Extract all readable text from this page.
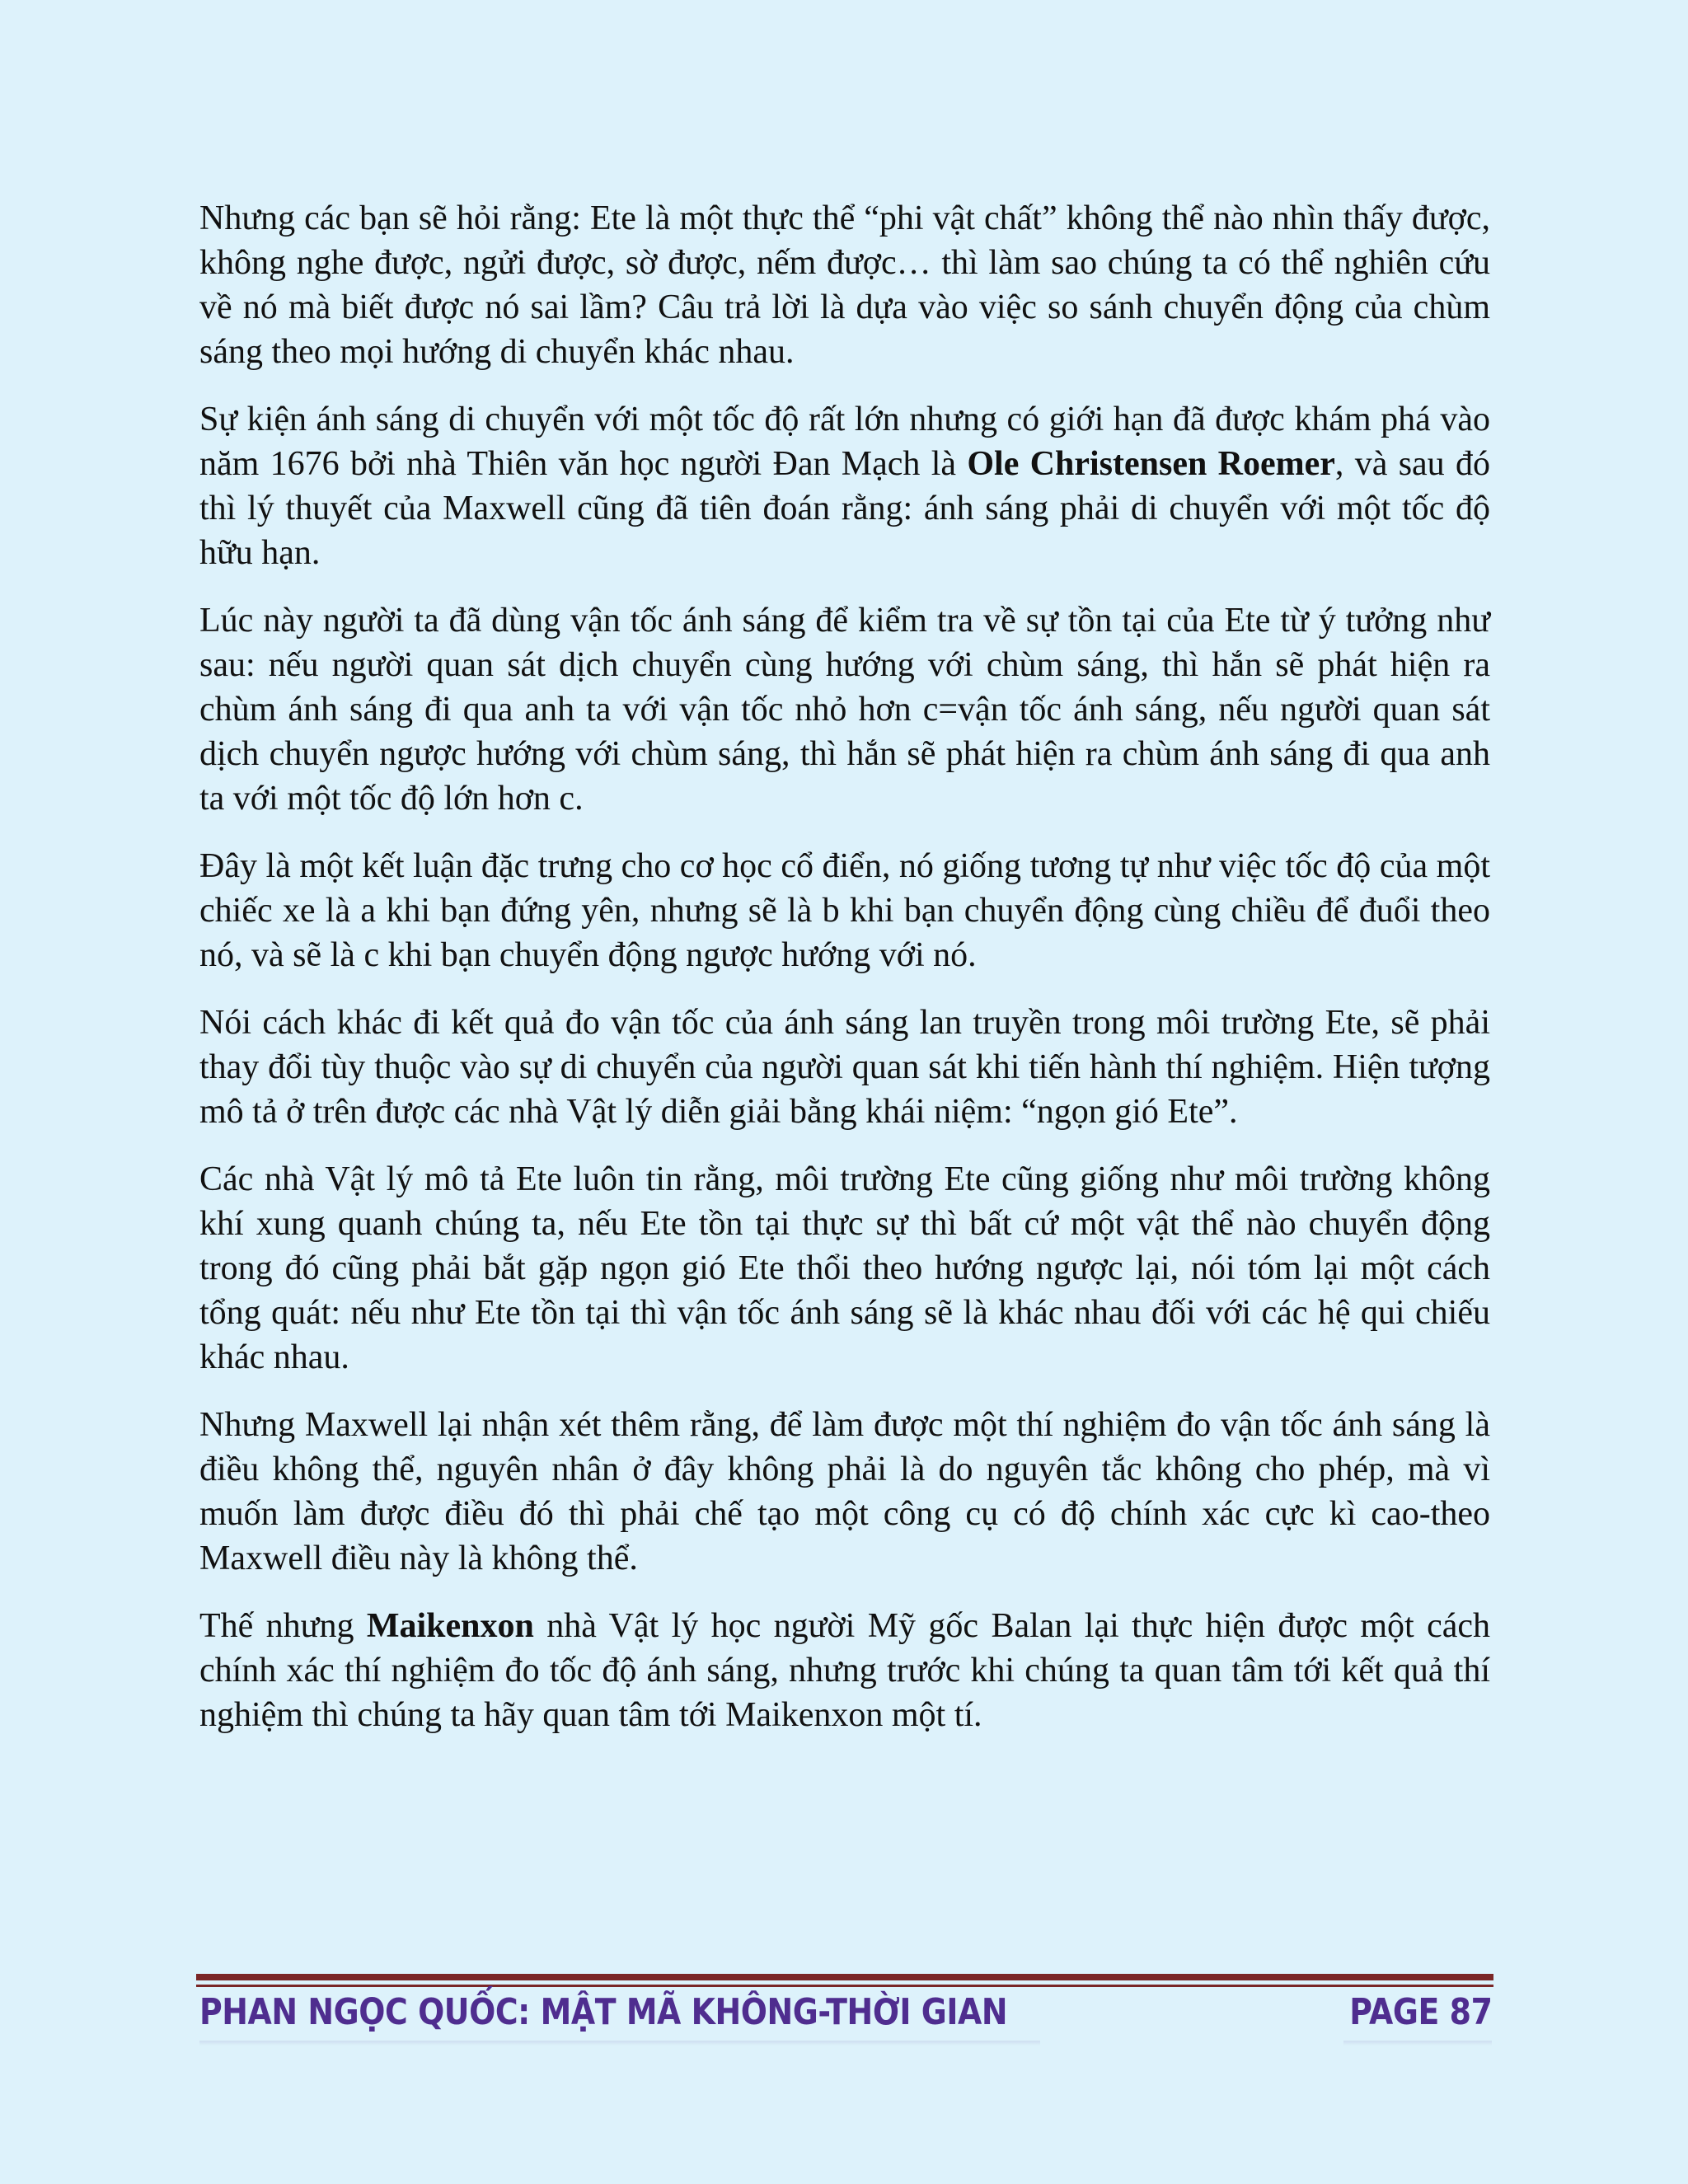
Nhưng các bạn sẽ hỏi rằng: Ete là một thực thể “phi vật chất” không thể nào nhìn thấy được, không nghe được, ngửi được, sờ được, nếm được… thì làm sao chúng ta có thể nghiên cứu về nó mà biết được nó sai lầm? Câu trả lời là dựa vào việc so sánh chuyển động của chùm sáng theo mọi hướng di chuyển khác nhau.

Sự kiện ánh sáng di chuyển với một tốc độ rất lớn nhưng có giới hạn đã được khám phá vào năm 1676 bởi nhà Thiên văn học người Đan Mạch là Ole Christensen Roemer, và sau đó thì lý thuyết của Maxwell cũng đã tiên đoán rằng: ánh sáng phải di chuyển với một tốc độ hữu hạn.

Lúc này người ta đã dùng vận tốc ánh sáng để kiểm tra về sự tồn tại của Ete từ ý tưởng như sau: nếu người quan sát dịch chuyển cùng hướng với chùm sáng, thì hắn sẽ phát hiện ra chùm ánh sáng đi qua anh ta với vận tốc nhỏ hơn c=vận tốc ánh sáng, nếu người quan sát dịch chuyển ngược hướng với chùm sáng, thì hắn sẽ phát hiện ra chùm ánh sáng đi qua anh ta với một tốc độ lớn hơn c.

Đây là một kết luận đặc trưng cho cơ học cổ điển, nó giống tương tự như việc tốc độ của một chiếc xe là a khi bạn đứng yên, nhưng sẽ là b khi bạn chuyển động cùng chiều để đuổi theo nó, và sẽ là c khi bạn chuyển động ngược hướng với nó.

Nói cách khác đi kết quả đo vận tốc của ánh sáng lan truyền trong môi trường Ete, sẽ phải thay đổi tùy thuộc vào sự di chuyển của người quan sát khi tiến hành thí nghiệm. Hiện tượng mô tả ở trên được các nhà Vật lý diễn giải bằng khái niệm: “ngọn gió Ete”.

Các nhà Vật lý mô tả Ete luôn tin rằng, môi trường Ete cũng giống như môi trường không khí xung quanh chúng ta, nếu Ete tồn tại thực sự thì bất cứ một vật thể nào chuyển động trong đó cũng phải bắt gặp ngọn gió Ete thổi theo hướng ngược lại, nói tóm lại một cách tổng quát: nếu như Ete tồn tại thì vận tốc ánh sáng sẽ là khác nhau đối với các hệ qui chiếu khác nhau.

Nhưng Maxwell lại nhận xét thêm rằng, để làm được một thí nghiệm đo vận tốc ánh sáng là điều không thể, nguyên nhân ở đây không phải là do nguyên tắc không cho phép, mà vì muốn làm được điều đó thì phải chế tạo một công cụ có độ chính xác cực kì cao-theo Maxwell điều này là không thể.

Thế nhưng Maikenxon nhà Vật lý học người Mỹ gốc Balan lại thực hiện được một cách chính xác thí nghiệm đo tốc độ ánh sáng, nhưng trước khi chúng ta quan tâm tới kết quả thí nghiệm thì chúng ta hãy quan tâm tới Maikenxon một tí.

PHAN NGỌC QUỐC: MẬT MÃ KHÔNG-THỜI GIAN	PAGE 87
